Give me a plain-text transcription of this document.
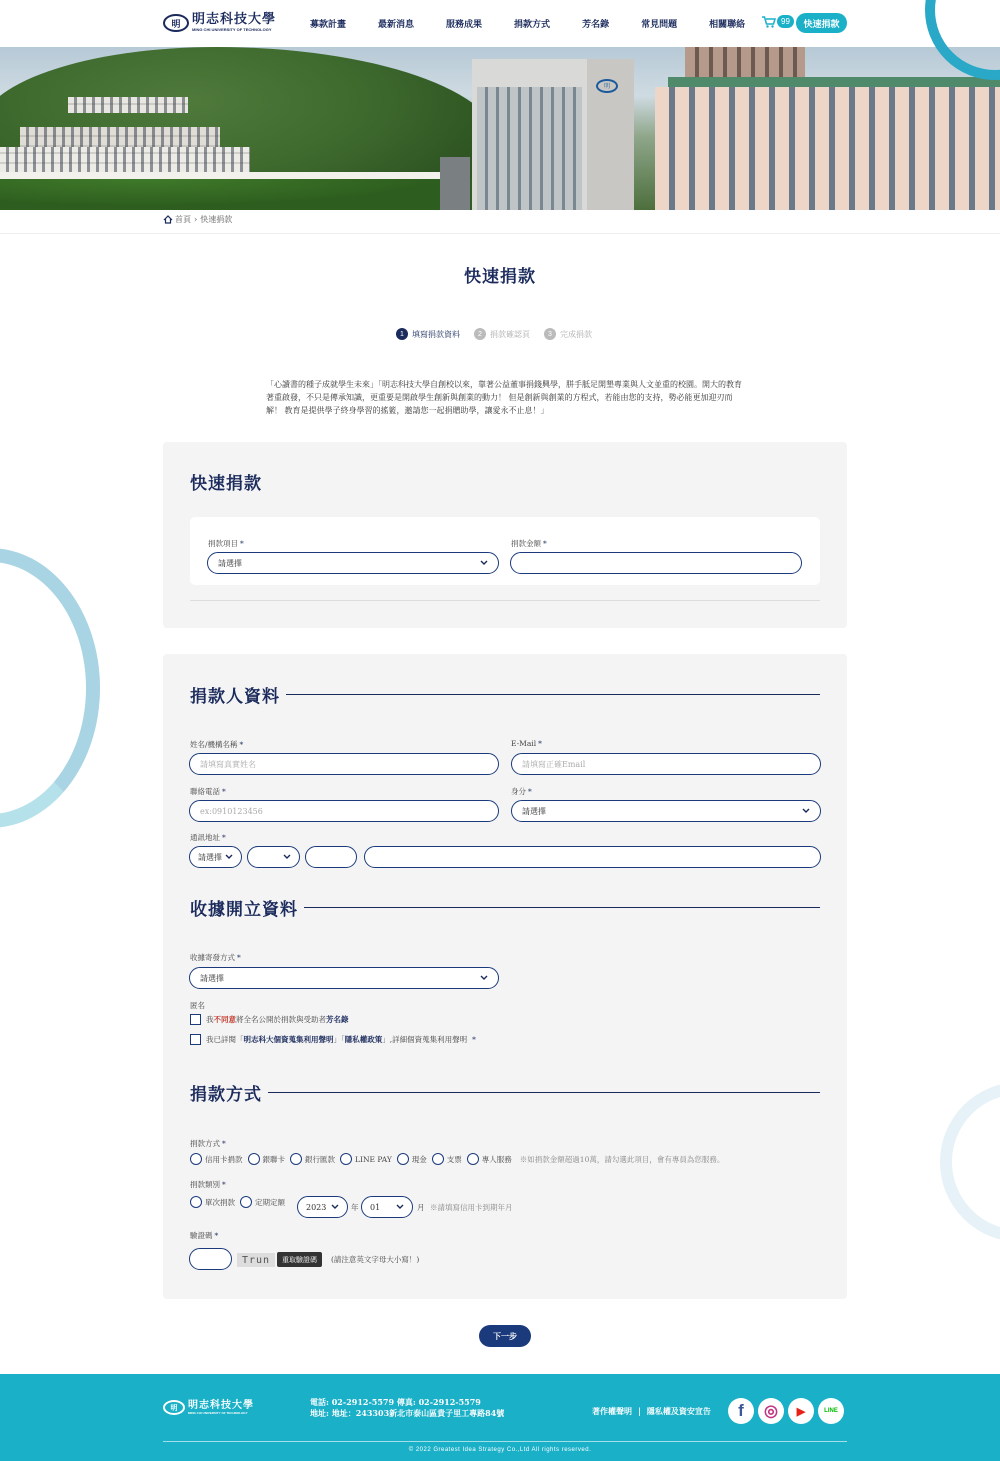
明 明志科技大學
MING CHI UNIVERSITY OF TECHNOLOGY	募款計畫	最新消息	服務成果	捐款方式	芳名錄	常見問題	相關聯絡	99	快速捐款
明
首頁 › 快速捐款
快速捐款
1	填寫捐款資料	2	捐款確認頁	3	完成捐款
「心讀書的種子成就學生未來」「明志科技大學自創校以來，靠著公益董事捐錢興學，胼手胝足開墾專業與人文並重的校園。開大的教育著重啟發，不只是傳承知識，更重要是開啟學生創新與創業的動力！ 但是創新與創業的方程式，若能由您的支持，勢必能更加迎刃而解！ 教育是提供學子終身學習的搖籃，邀請您一起捐贈助學，讓愛永不止息！」
快速捐款
捐款項目 *
請選擇
捐款金額 *
捐款人資料
姓名/機構名稱 *
請填寫真實姓名
E-Mail *
請填寫正確Email
聯絡電話 *
ex:0910123456
身分 *
請選擇
通訊地址 *
請選擇
收據開立資料
收據寄發方式 *
請選擇
匿名
我 不同意 將全名公開於捐款與受助者 芳名錄
我已詳閱「 明志科大個資蒐集利用聲明 」「 隱私權政策 」,詳細個資蒐集利用聲明 *
捐款方式
捐款方式 *
信用卡捐款	銀聯卡	銀行匯款	LINE PAY	現金	支票	專人服務 ※如捐款金額超過10萬，請勾選此項目，會有專員為您服務。
捐款類別 *
單次捐款	定期定額
2023	年 01	月 ※請填寫信用卡到期年月
驗證碼 *
Trun	重取驗證碼	(請注意英文字母大小寫！)
下一步
明	明志科技大學
MING CHI UNIVERSITY OF TECHNOLOGY
電話: 02-2912-5579 傳真: 02-2912-5579
地址: 地址：243303新北市泰山區貴子里工專路84號	著作權聲明 | 隱私權及資安宣告	f	◎	▶	LINE
© 2022 Greatest Idea Strategy Co.,Ltd All rights reserved.
